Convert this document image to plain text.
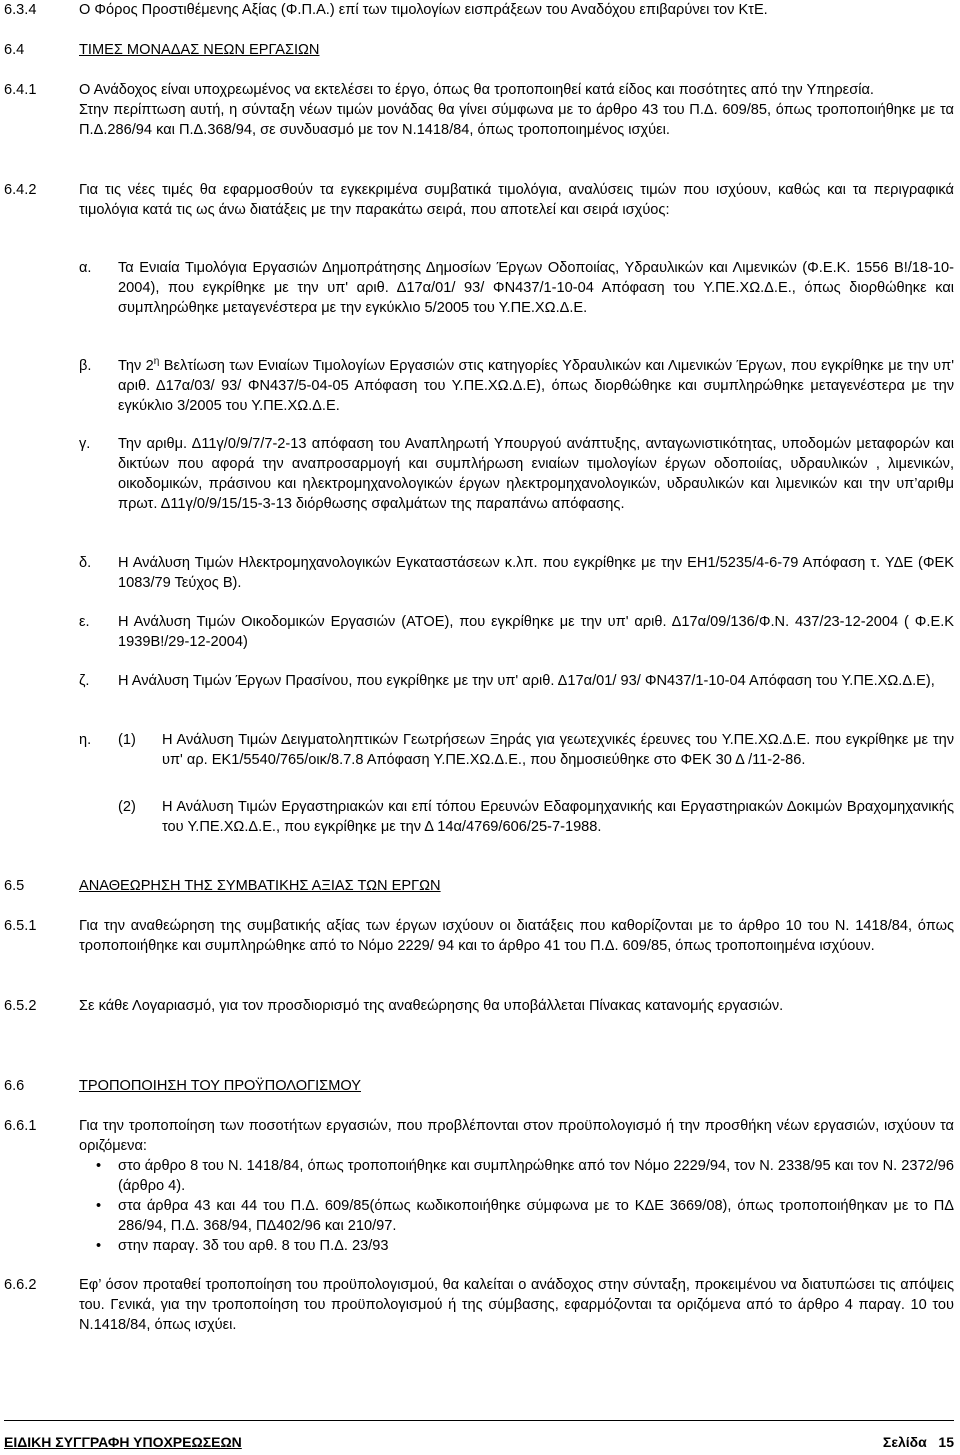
6.3.4	Ο Φόρος Προστιθέμενης Αξίας (Φ.Π.Α.) επί των τιμολογίων εισπράξεων του Αναδόχου επιβαρύνει τον ΚτΕ.

6.4	ΤΙΜΕΣ ΜΟΝΑΔΑΣ ΝΕΩΝ ΕΡΓΑΣΙΩΝ

6.4.1	Ο Ανάδοχος είναι υποχρεωμένος να εκτελέσει το έργο, όπως θα τροποποιηθεί κατά είδος και ποσότητες από την Υπηρεσία.

Στην περίπτωση αυτή, η σύνταξη νέων τιμών μονάδας θα γίνει σύμφωνα με το άρθρο 43 του Π.Δ. 609/85, όπως τροποποιήθηκε με τα Π.Δ.286/94 και Π.Δ.368/94, σε συνδυασμό με τον Ν.1418/84, όπως τροποποιημένος ισχύει.

6.4.2	Για τις νέες τιμές θα εφαρμοσθούν τα εγκεκριμένα συμβατικά τιμολόγια, αναλύσεις τιμών που ισχύουν, καθώς και τα περιγραφικά τιμολόγια κατά τις ως άνω διατάξεις με την παρακάτω σειρά, που αποτελεί και σειρά ισχύος:

α. Τα Ενιαία Τιμολόγια Εργασιών Δημοπράτησης Δημοσίων Έργων Οδοποιίας, Υδραυλικών και Λιμενικών (Φ.Ε.Κ. 1556 Β!/18-10-2004), που εγκρίθηκε με την υπ' αριθ. Δ17α/01/ 93/ ΦΝ437/1-10-04 Απόφαση του Υ.ΠΕ.ΧΩ.Δ.Ε., όπως διορθώθηκε και συμπληρώθηκε μεταγενέστερα με την εγκύκλιο 5/2005 του Υ.ΠΕ.ΧΩ.Δ.Ε.
β. Την $2^\eta$ Βελτίωση των Ενιαίων Τιμολογίων Εργασιών στις κατηγορίες Υδραυλικών και Λιμενικών Έργων, που εγκρίθηκε με την υπ' αριθ. Δ17α/03/ 93/ ΦΝ437/5-04-05 Απόφαση του Υ.ΠΕ.ΧΩ.Δ.Ε), όπως διορθώθηκε και συμπληρώθηκε μεταγενέστερα με την εγκύκλιο 3/2005 του Υ.ΠΕ.ΧΩ.Δ.Ε.
γ. Την αριθμ. Δ11γ/0/9/7/7-2-13 απόφαση του Αναπληρωτή Υπουργού ανάπτυξης, ανταγωνιστικότητας, υποδομών μεταφορών και δικτύων που αφορά την αναπροσαρμογή και συμπλήρωση ενιαίων τιμολογίων έργων οδοποιίας, υδραυλικών , λιμενικών, οικοδομικών, πράσινου και ηλεκτρομηχανολογικών έργων ηλεκτρομηχανολογικών, υδραυλικών και λιμενικών και την υπ’αριθμ πρωτ. Δ11γ/0/9/15/15-3-13 διόρθωσης σφαλμάτων της παραπάνω απόφασης.
δ. Η Ανάλυση Τιμών Ηλεκτρομηχανολογικών Εγκαταστάσεων κ.λπ. που εγκρίθηκε με την ΕΗ1/5235/4-6-79 Απόφαση τ. ΥΔΕ (ΦΕΚ 1083/79 Τεύχος Β).
ε. Η Ανάλυση Τιμών Οικοδομικών Εργασιών (ΑΤΟΕ), που εγκρίθηκε με την υπ' αριθ. Δ17α/09/136/Φ.Ν. 437/23-12-2004 ( Φ.Ε.Κ 1939Β!/29-12-2004)
ζ. Η Ανάλυση Τιμών Έργων Πρασίνου, που εγκρίθηκε με την υπ' αριθ. Δ17α/01/ 93/ ΦΝ437/1-10-04 Απόφαση του Υ.ΠΕ.ΧΩ.Δ.Ε),
η. (1) Η Ανάλυση Τιμών Δειγματοληπτικών Γεωτρήσεων Ξηράς για γεωτεχνικές έρευνες του Υ.ΠΕ.ΧΩ.Δ.Ε. που εγκρίθηκε με την υπ' αρ. ΕΚ1/5540/765/οικ/8.7.8 Απόφαση Υ.ΠΕ.ΧΩ.Δ.Ε., που δημοσιεύθηκε στο ΦΕΚ 30 Δ /11-2-86.
(2) Η Ανάλυση Τιμών Εργαστηριακών και επί τόπου Ερευνών Εδαφομηχανικής και Εργαστηριακών Δοκιμών Βραχομηχανικής του Υ.ΠΕ.ΧΩ.Δ.Ε., που εγκρίθηκε με την Δ 14α/4769/606/25-7-1988.
6.5	ΑΝΑΘΕΩΡΗΣΗ ΤΗΣ ΣΥΜΒΑΤΙΚΗΣ ΑΞΙΑΣ ΤΩΝ ΕΡΓΩΝ

6.5.1	Για την αναθεώρηση της συμβατικής αξίας των έργων ισχύουν οι διατάξεις που καθορίζονται με το άρθρο 10 του Ν. 1418/84, όπως τροποποιήθηκε και συμπληρώθηκε από το Νόμο 2229/ 94 και το άρθρο 41 του Π.Δ. 609/85, όπως τροποποιημένα ισχύουν.

6.5.2	Σε κάθε Λογαριασμό, για τον προσδιορισμό της αναθεώρησης θα υποβάλλεται Πίνακας κατανομής εργασιών.

6.6	ΤΡΟΠΟΠΟΙΗΣΗ ΤΟΥ ΠΡΟΫΠΟΛΟΓΙΣΜΟΥ

6.6.1	Για την τροποποίηση των ποσοτήτων εργασιών, που προβλέπονται στον προϋπολογισμό ή την προσθήκη νέων εργασιών, ισχύουν τα οριζόμενα:

• στο άρθρο 8 του Ν. 1418/84, όπως τροποποιήθηκε και συμπληρώθηκε από τον Νόμο 2229/94, τον Ν. 2338/95 και τον Ν. 2372/96 (άρθρο 4).
• στα άρθρα 43 και 44 του Π.Δ. 609/85(όπως κωδικοποιήθηκε σύμφωνα με το ΚΔΕ 3669/08), όπως τροποποιήθηκαν με το ΠΔ 286/94, Π.Δ. 368/94, ΠΔ402/96 και 210/97.
• στην παραγ. 3δ του αρθ. 8 του Π.Δ. 23/93
6.6.2	Εφ’ όσον προταθεί τροποποίηση του προϋπολογισμού, θα καλείται ο ανάδοχος στην σύνταξη, προκειμένου να διατυπώσει τις απόψεις του. Γενικά, για την τροποποίηση του προϋπολογισμού ή της σύμβασης, εφαρμόζονται τα οριζόμενα από το άρθρο 4 παραγ. 10 του Ν.1418/84, όπως ισχύει.

ΕΙΔΙΚΗ ΣΥΓΓΡΑΦΗ ΥΠΟΧΡΕΩΣΕΩΝ	Σελίδα 15
